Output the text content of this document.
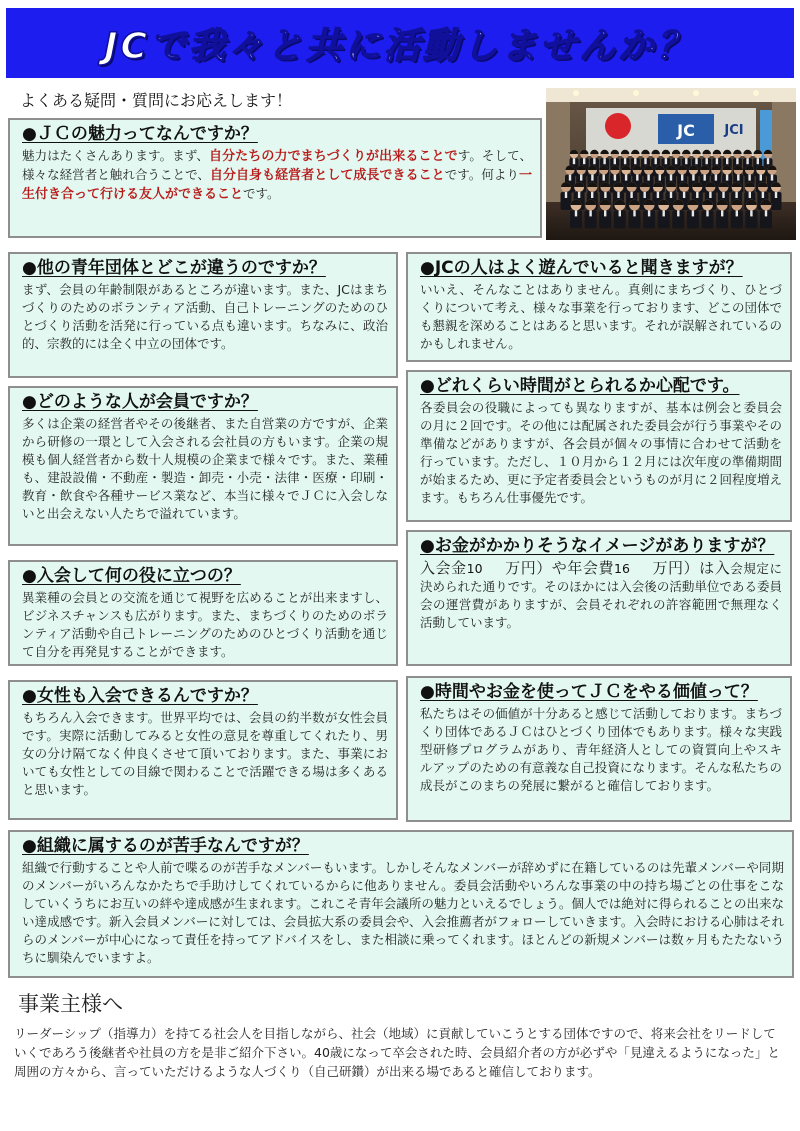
JCで我々と共に活動しませんか？
よくある疑問・質問にお応えします！
JC JCI
●ＪＣの魅力ってなんですか？

魅力はたくさんあります。まず、自分たちの力でまちづくりが出来ることです。そして、様々な経営者と触れ合うことで、自分自身も経営者として成長できることです。何より一生付き合って行ける友人ができることです。

●他の青年団体とどこが違うのですか？

まず、会員の年齢制限があるところが違います。また、JCはまちづくりのためのボランティア活動、自己トレーニングのためのひとづくり活動を活発に行っている点も違います。ちなみに、政治的、宗教的には全く中立の団体です。

●JCの人はよく遊んでいると聞きますが？

いいえ、そんなことはありません。真剣にまちづくり、ひとづくりについて考え、様々な事業を行っております、どこの団体でも懇親を深めることはあると思います。それが誤解されているのかもしれません。

●どのような人が会員ですか？

多くは企業の経営者やその後継者、また自営業の方ですが、企業から研修の一環として入会される会社員の方もいます。企業の規模も個人経営者から数十人規模の企業まで様々です。また、業種も、建設設備・不動産・製造・卸売・小売・法律・医療・印刷・教育・飲食や各種サービス業など、本当に様々でＪＣに入会しないと出会えない人たちで溢れています。

●どれくらい時間がとられるか心配です。

各委員会の役職によっても異なりますが、基本は例会と委員会の月に２回です。その他には配属された委員会が行う事業やその準備などがありますが、各会員が個々の事情に合わせて活動を行っています。ただし、１０月から１２月には次年度の準備期間が始まるため、更に予定者委員会というものが月に２回程度増えます。もちろん仕事優先です。

●入会して何の役に立つの？

異業種の会員との交流を通じて視野を広めることが出来ますし、ビジネスチャンスも広がります。また、まちづくりのためのボランティア活動や自己トレーニングのためのひとづくり活動を通じて自分を再発見することができます。

●お金がかかりそうなイメージがありますが？

入会金10 万円）や年会費16 万円）は入会規定に決められた通りです。そのほかには入会後の活動単位である委員会の運営費がありますが、会員それぞれの許容範囲で無理なく活動しています。

●女性も入会できるんですか？

もちろん入会できます。世界平均では、会員の約半数が女性会員です。実際に活動してみると女性の意見を尊重してくれたり、男女の分け隔てなく仲良くさせて頂いております。また、事業においても女性としての目線で関わることで活躍できる場は多くあると思います。

●時間やお金を使ってＪＣをやる価値って？

私たちはその価値が十分あると感じて活動しております。まちづくり団体であるＪＣはひとづくり団体でもあります。様々な実践型研修プログラムがあり、青年経済人としての資質向上やスキルアップのための有意義な自己投資になります。そんな私たちの成長がこのまちの発展に繋がると確信しております。

●組織に属するのが苦手なんですが？

組織で行動することや人前で喋るのが苦手なメンバーもいます。しかしそんなメンバーが辞めずに在籍しているのは先輩メンバーや同期のメンバーがいろんなかたちで手助けしてくれているからに他ありません。委員会活動やいろんな事業の中の持ち場ごとの仕事をこなしていくうちにお互いの絆や達成感が生まれます。これこそ青年会議所の魅力といえるでしょう。個人では絶対に得られることの出来ない達成感です。新入会員メンバーに対しては、会員拡大系の委員会や、入会推薦者がフォローしていきます。入会時における心肺はそれらのメンバーが中心になって責任を持ってアドバイスをし、また相談に乗ってくれます。ほとんどの新規メンバーは数ヶ月もたたないうちに馴染んでいますよ。

事業主様へ

リーダーシップ（指導力）を持てる社会人を目指しながら、社会（地域）に貢献していこうとする団体ですので、将来会社をリードしていくであろう後継者や社員の方を是非ご紹介下さい。40歳になって卒会された時、会員紹介者の方が必ずや「見違えるようになった」と周囲の方々から、言っていただけるような人づくり（自己研鑽）が出来る場であると確信しております。
